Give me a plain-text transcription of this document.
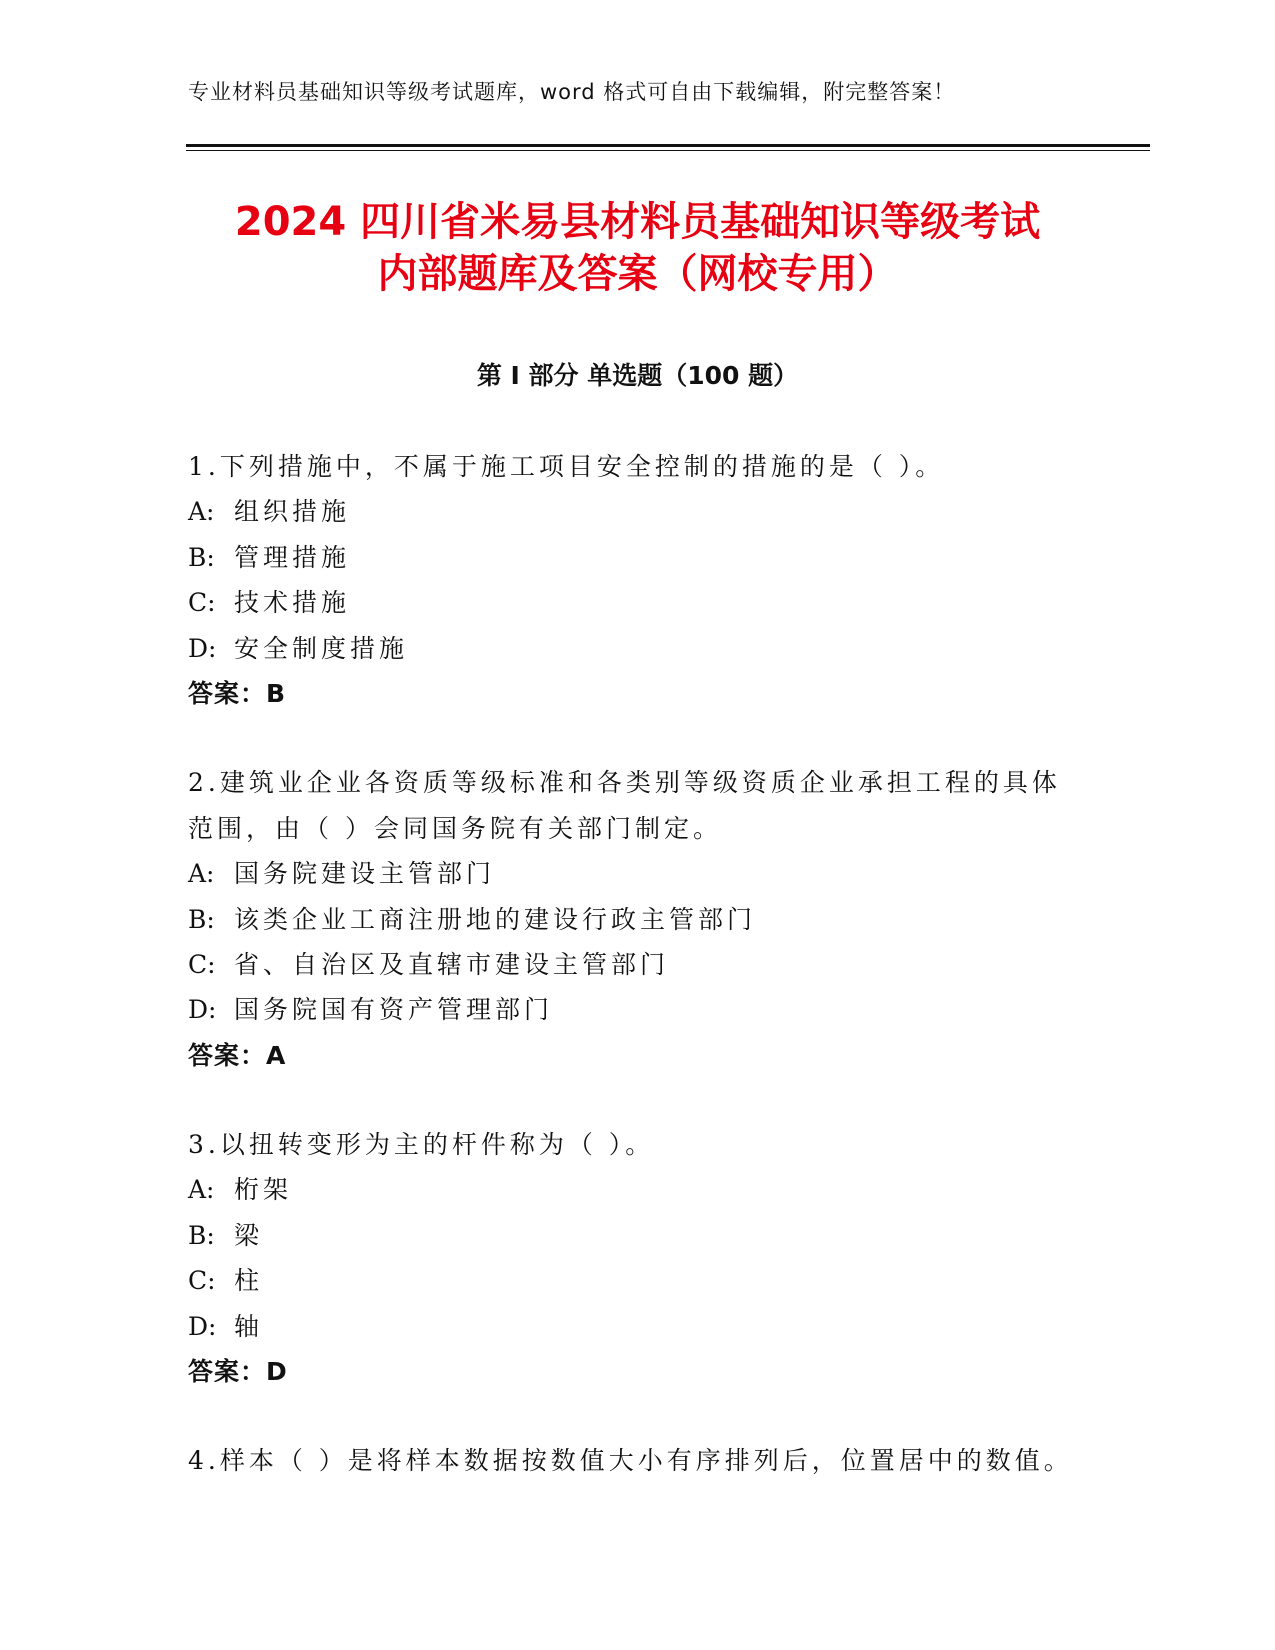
专业材料员基础知识等级考试题库，word 格式可自由下载编辑，附完整答案！
2024 四川省米易县材料员基础知识等级考试
内部题库及答案（网校专用）
第 I 部分 单选题（100 题）
1.下列措施中，不属于施工项目安全控制的措施的是（ ）。
A: 组织措施
B: 管理措施
C: 技术措施
D: 安全制度措施
答案：B
2.建筑业企业各资质等级标准和各类别等级资质企业承担工程的具体
范围，由（ ）会同国务院有关部门制定。
A: 国务院建设主管部门
B: 该类企业工商注册地的建设行政主管部门
C: 省、自治区及直辖市建设主管部门
D: 国务院国有资产管理部门
答案：A
3.以扭转变形为主的杆件称为（ ）。
A: 桁架
B: 梁
C: 柱
D: 轴
答案：D
4.样本（ ）是将样本数据按数值大小有序排列后，位置居中的数值。
